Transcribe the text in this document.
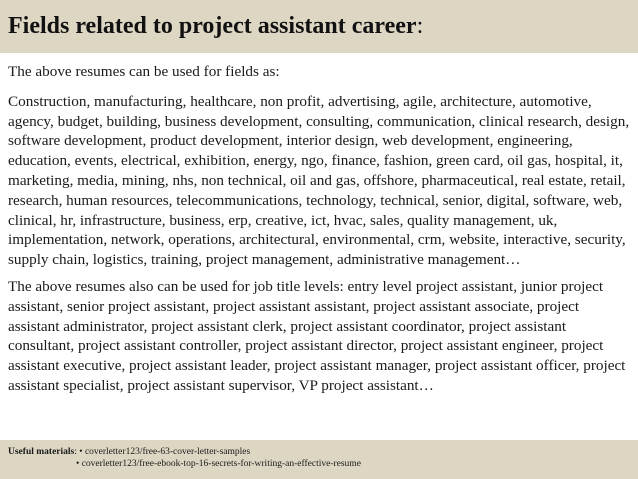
Fields related to project assistant career:

The above resumes can be used for fields as:

Construction, manufacturing, healthcare, non profit, advertising, agile, architecture, automotive, agency, budget, building, business development, consulting, communication, clinical research, design, software development, product development, interior design, web development, engineering, education, events, electrical, exhibition, energy, ngo, finance, fashion, green card, oil gas, hospital, it, marketing, media, mining, nhs, non technical, oil and gas, offshore, pharmaceutical, real estate, retail, research, human resources, telecommunications, technology, technical, senior, digital, software, web, clinical, hr, infrastructure, business, erp, creative, ict, hvac, sales, quality management, uk, implementation, network, operations, architectural, environmental, crm, website, interactive, security, supply chain, logistics, training, project management, administrative management…

The above resumes also can be used for job title levels: entry level project assistant, junior project assistant, senior project assistant, project assistant assistant, project assistant associate, project assistant administrator, project assistant clerk, project assistant coordinator, project assistant consultant, project assistant controller, project assistant director, project assistant engineer, project assistant executive, project assistant leader, project assistant manager, project assistant officer, project assistant specialist, project assistant supervisor, VP project assistant…

Useful materials: • coverletter123/free-63-cover-letter-samples
• coverletter123/free-ebook-top-16-secrets-for-writing-an-effective-resume
